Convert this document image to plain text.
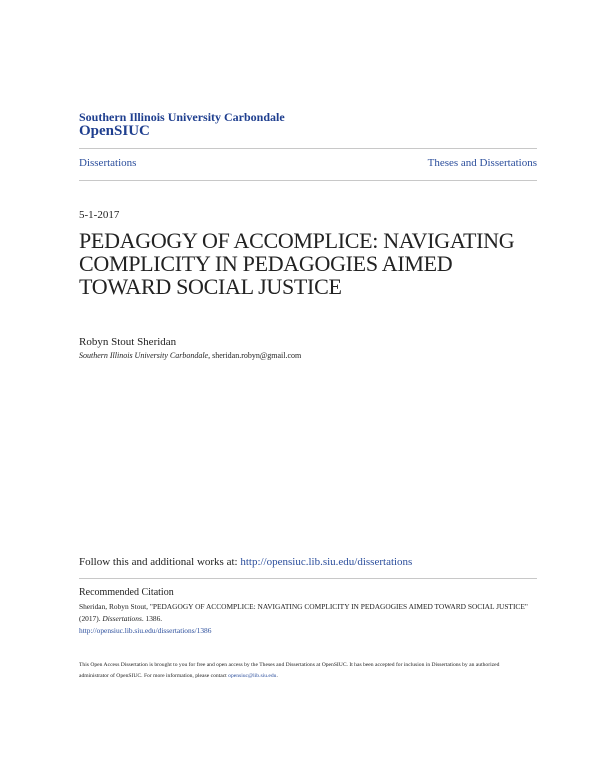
Southern Illinois University Carbondale
OpenSIUC
Dissertations	Theses and Dissertations
5-1-2017
PEDAGOGY OF ACCOMPLICE: NAVIGATING COMPLICITY IN PEDAGOGIES AIMED TOWARD SOCIAL JUSTICE
Robyn Stout Sheridan
Southern Illinois University Carbondale, sheridan.robyn@gmail.com
Follow this and additional works at: http://opensiuc.lib.siu.edu/dissertations
Recommended Citation
Sheridan, Robyn Stout, "PEDAGOGY OF ACCOMPLICE: NAVIGATING COMPLICITY IN PEDAGOGIES AIMED TOWARD SOCIAL JUSTICE" (2017). Dissertations. 1386.
http://opensiuc.lib.siu.edu/dissertations/1386
This Open Access Dissertation is brought to you for free and open access by the Theses and Dissertations at OpenSIUC. It has been accepted for inclusion in Dissertations by an authorized administrator of OpenSIUC. For more information, please contact opensiuc@lib.siu.edu.
